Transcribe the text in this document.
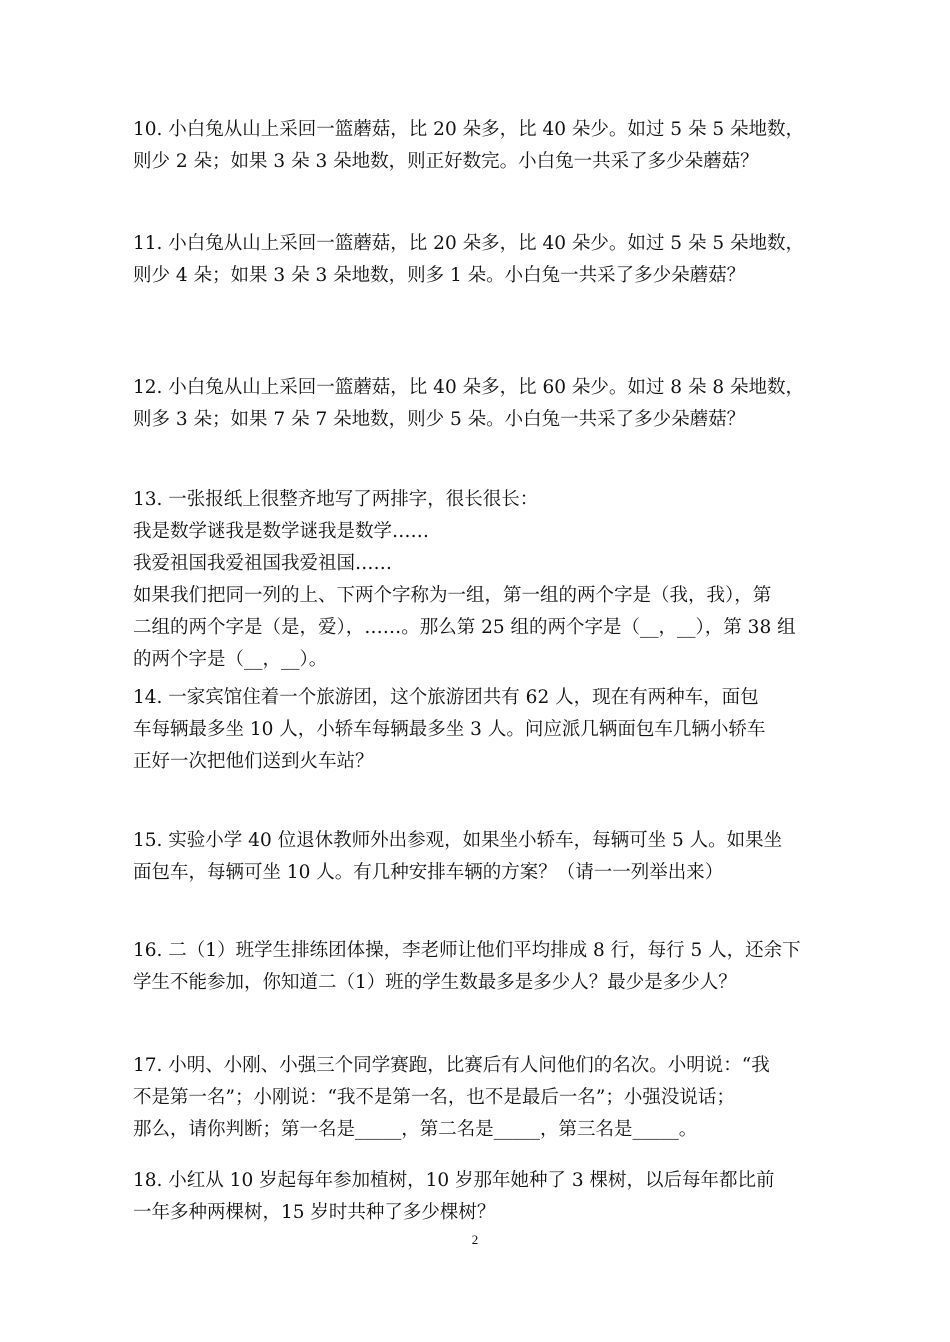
10. 小白兔从山上采回一篮蘑菇，比 20 朵多，比 40 朵少。如过 5 朵 5 朵地数，
则少 2 朵；如果 3 朵 3 朵地数，则正好数完。小白兔一共采了多少朵蘑菇？
11. 小白兔从山上采回一篮蘑菇，比 20 朵多，比 40 朵少。如过 5 朵 5 朵地数，
则少 4 朵；如果 3 朵 3 朵地数，则多 1 朵。小白兔一共采了多少朵蘑菇？
12. 小白兔从山上采回一篮蘑菇，比 40 朵多，比 60 朵少。如过 8 朵 8 朵地数，
则多 3 朵；如果 7 朵 7 朵地数，则少 5 朵。小白兔一共采了多少朵蘑菇？
13. 一张报纸上很整齐地写了两排字，很长很长：
我是数学谜我是数学谜我是数学……
我爱祖国我爱祖国我爱祖国……
如果我们把同一列的上、下两个字称为一组，第一组的两个字是（我，我），第
二组的两个字是（是，爱），……。那么第 25 组的两个字是（__，__），第 38 组
的两个字是（__，__）。
14. 一家宾馆住着一个旅游团，这个旅游团共有 62 人，现在有两种车，面包
车每辆最多坐 10 人，小轿车每辆最多坐 3 人。问应派几辆面包车几辆小轿车
正好一次把他们送到火车站？
15. 实验小学 40 位退休教师外出参观，如果坐小轿车，每辆可坐 5 人。如果坐
面包车，每辆可坐 10 人。有几种安排车辆的方案？（请一一列举出来）
16. 二（1）班学生排练团体操，李老师让他们平均排成 8 行，每行 5 人，还余下
学生不能参加，你知道二（1）班的学生数最多是多少人？最少是多少人？
17. 小明、小刚、小强三个同学赛跑，比赛后有人问他们的名次。小明说：“我
不是第一名”；小刚说：“我不是第一名，也不是最后一名”；小强没说话；
那么，请你判断；第一名是_____，第二名是_____，第三名是_____。
18. 小红从 10 岁起每年参加植树，10 岁那年她种了 3 棵树，以后每年都比前
一年多种两棵树，15 岁时共种了多少棵树？
2
